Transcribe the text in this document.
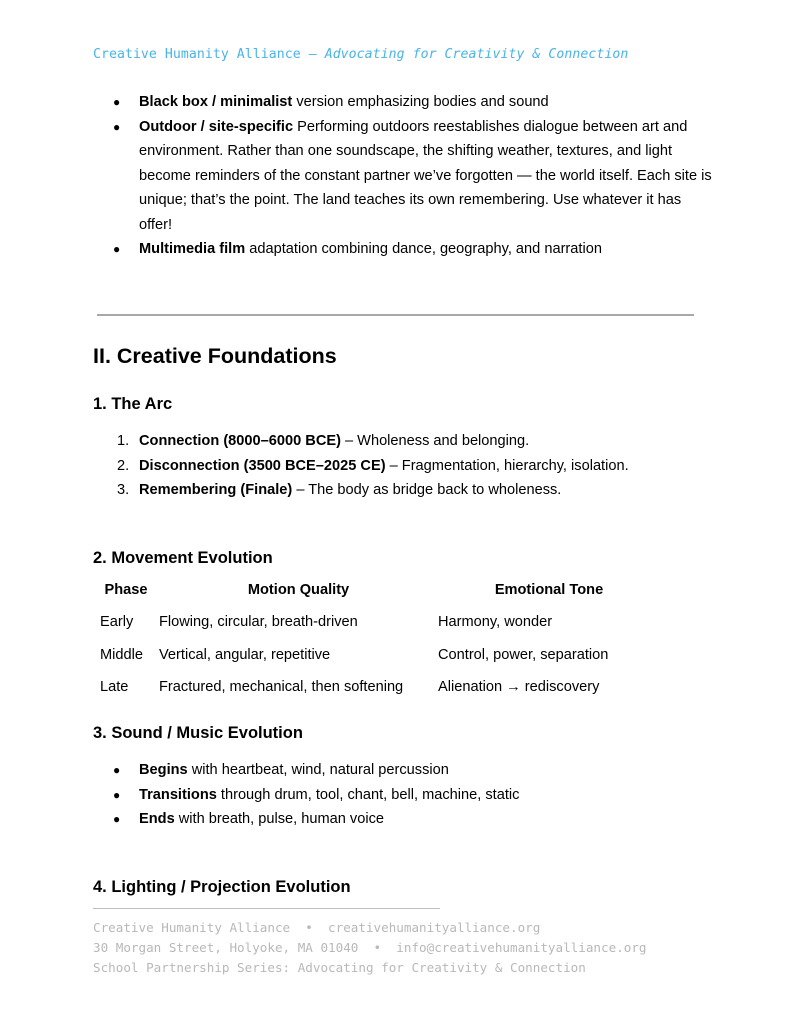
Creative Humanity Alliance — Advocating for Creativity & Connection
● Black box / minimalist version emphasizing bodies and sound
● Outdoor / site-specific Performing outdoors reestablishes dialogue between art and environment. Rather than one soundscape, the shifting weather, textures, and light become reminders of the constant partner we’ve forgotten — the world itself. Each site is unique; that’s the point. The land teaches its own remembering. Use whatever it has offer!
● Multimedia film adaptation combining dance, geography, and narration
II. Creative Foundations
1. The Arc
1. Connection (8000–6000 BCE) – Wholeness and belonging.
2. Disconnection (3500 BCE–2025 CE) – Fragmentation, hierarchy, isolation.
3. Remembering (Finale) – The body as bridge back to wholeness.
2. Movement Evolution
Phase	Motion Quality	Emotional Tone
Early	Flowing, circular, breath-driven	Harmony, wonder
Middle	Vertical, angular, repetitive	Control, power, separation
Late	Fractured, mechanical, then softening	Alienation → rediscovery
3. Sound / Music Evolution
● Begins with heartbeat, wind, natural percussion
● Transitions through drum, tool, chant, bell, machine, static
● Ends with breath, pulse, human voice
4. Lighting / Projection Evolution
Creative Humanity Alliance  •  creativehumanityalliance.org
30 Morgan Street, Holyoke, MA 01040  •  info@creativehumanityalliance.org
School Partnership Series: Advocating for Creativity & Connection
